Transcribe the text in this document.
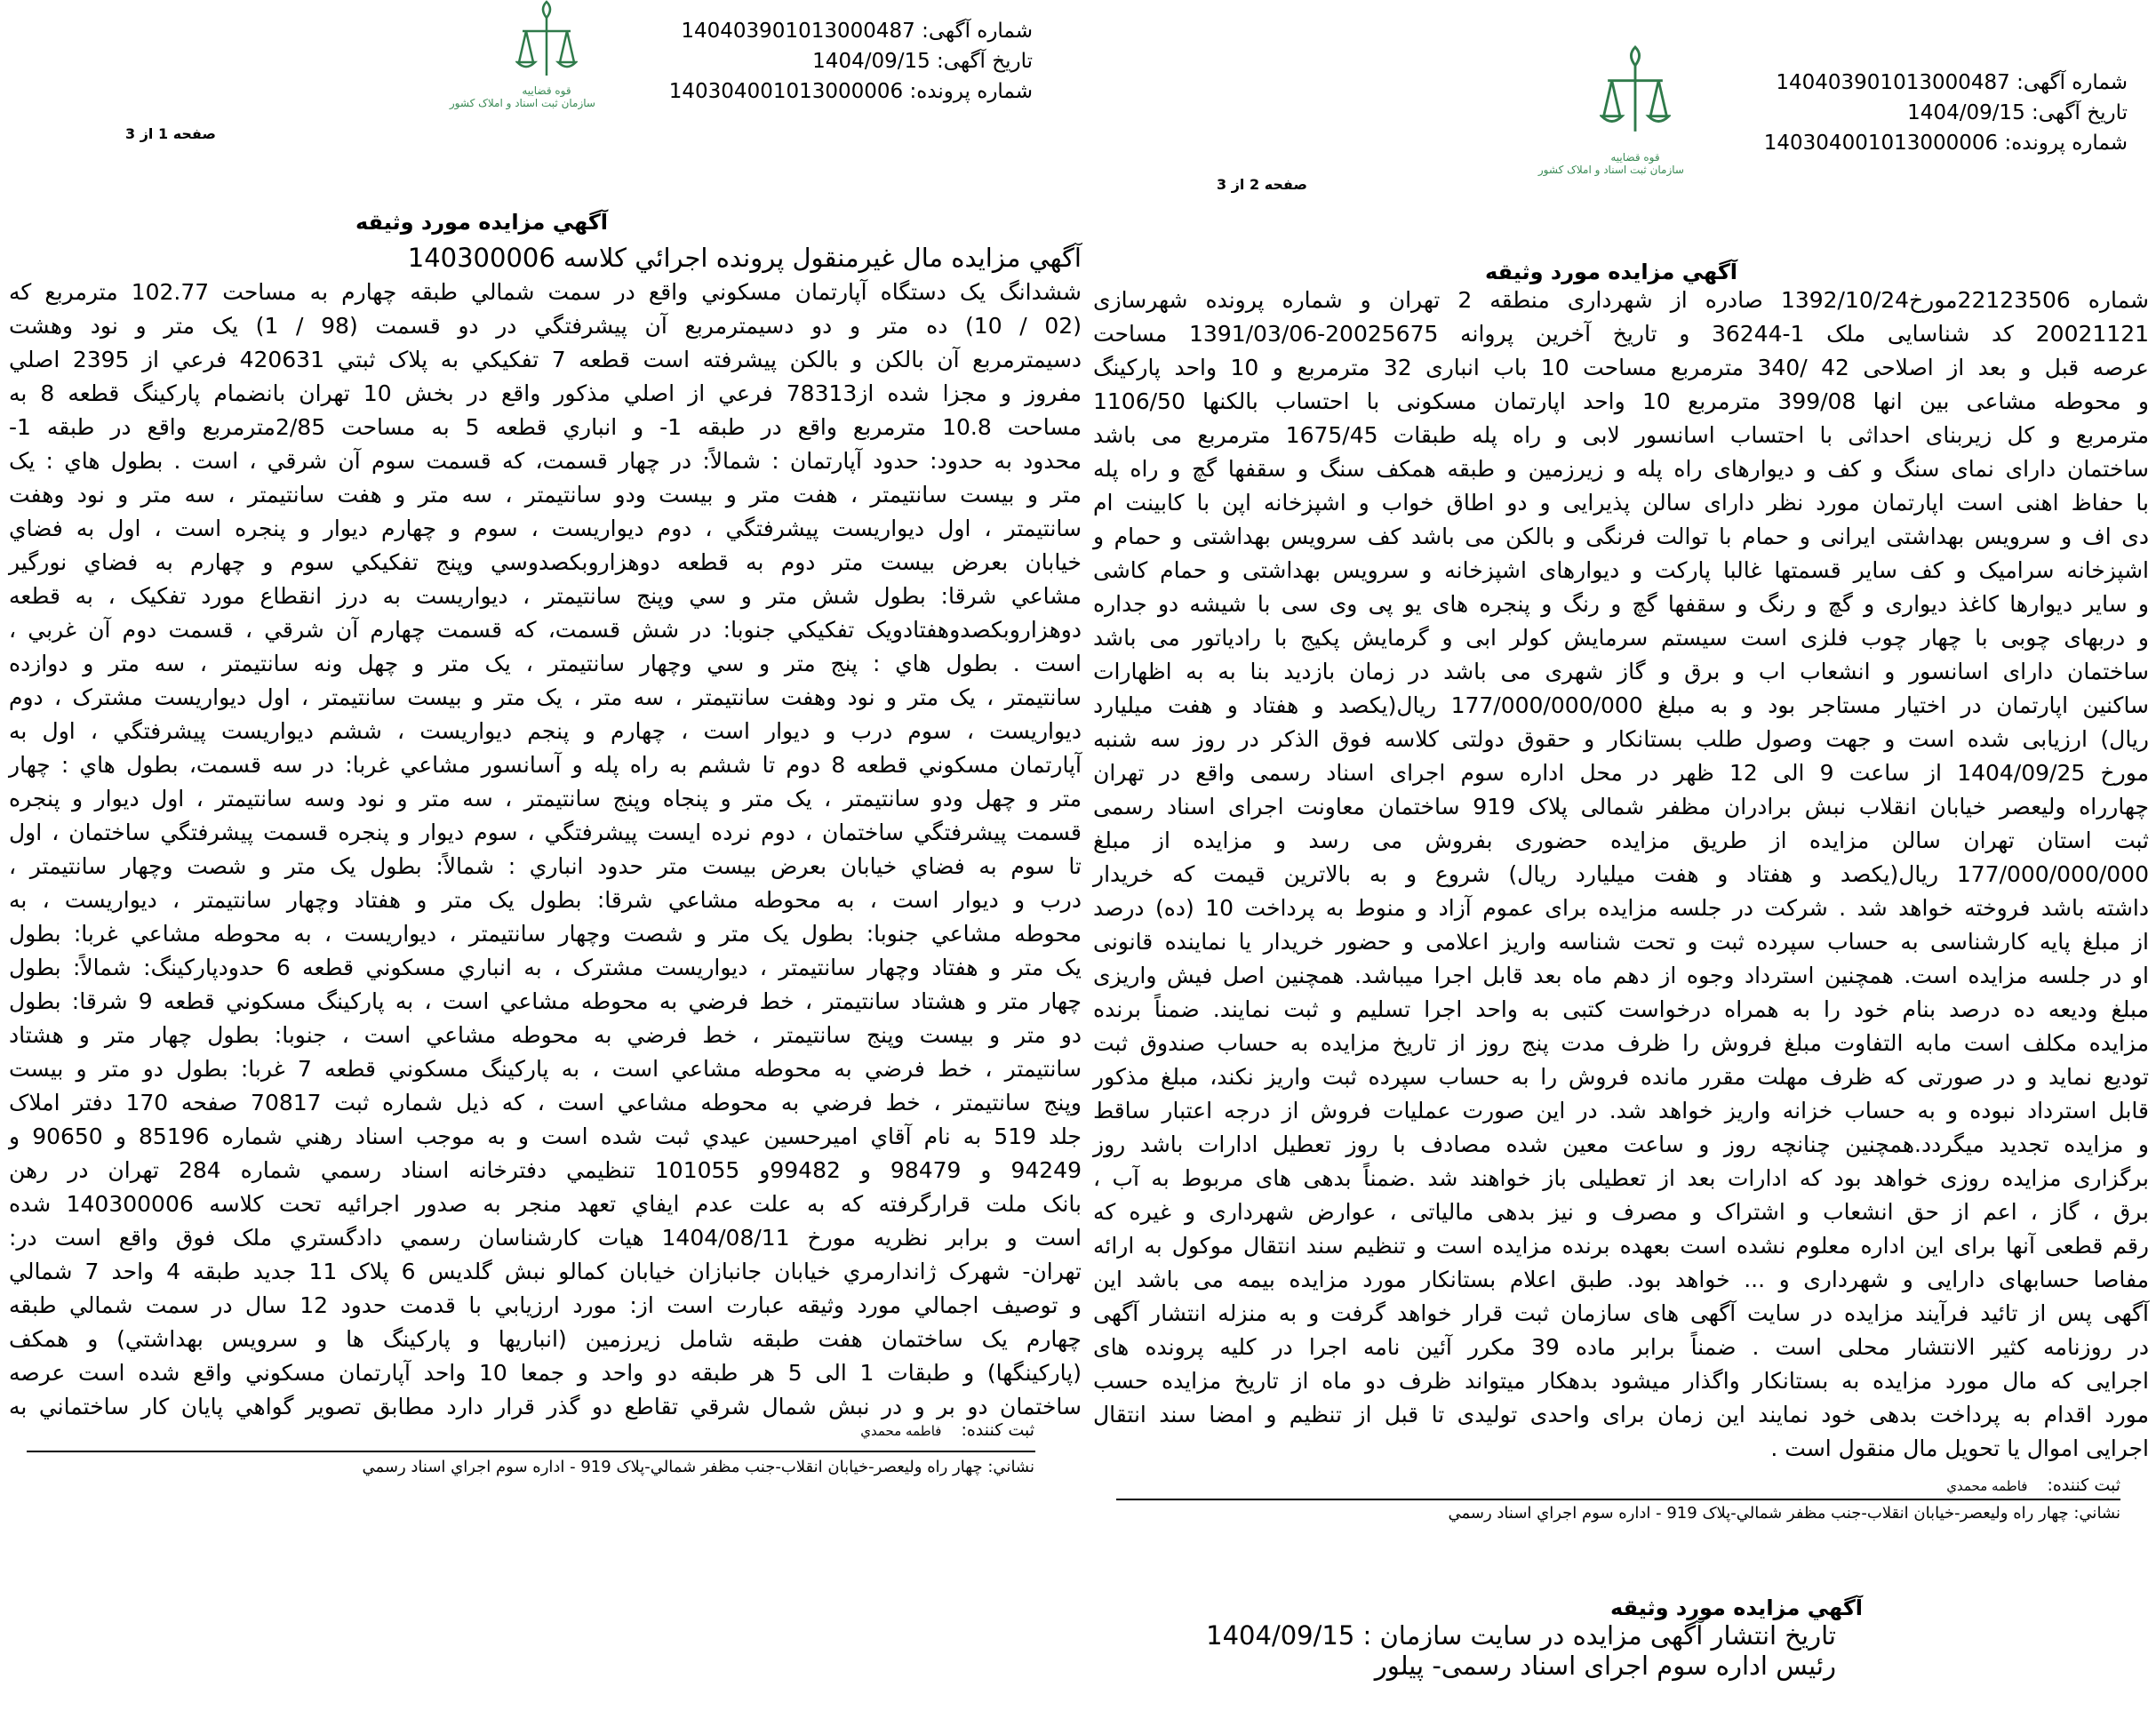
قوه قضاییه
سازمان ثبت اسناد و املاک کشور
شماره آگهی: 14040390101300048​7
تاریخ آگهی: 1404/09/15
شماره پرونده: 140304001013000006
صفحه 1 از 3
آگهي مزايده مورد وثيقه
آگهي مزايده مال غيرمنقول پرونده اجرائي كلاسه 140300006
ششدانگ يک دستگاه آپارتمان مسكوني واقع در سمت شمالي طبقه چهارم به مساحت 102.77 مترمربع كه
(02 / 10) ده متر و دو دسيمترمربع آن پيشرفتگي در دو قسمت (98 / 1) يک متر و نود وهشت
دسيمترمربع آن بالكن و بالكن پيشرفته است قطعه 7 تفكيكي به پلاک ثبتي 420631 فرعي از 2395 اصلي
مفروز و مجزا شده از78313 فرعي از اصلي مذكور واقع در بخش 10 تهران بانضمام پاركينگ قطعه 8 به
مساحت 10.8 مترمربع واقع در طبقه 1- و انباري قطعه 5 به مساحت 2/85مترمربع واقع در طبقه 1-
محدود به حدود: حدود آپارتمان : شمالاً: در چهار قسمت، كه قسمت سوم آن شرقي ، است . بطول هاي : يک
متر و بيست سانتيمتر ، هفت متر و بيست ودو سانتيمتر ، سه متر و هفت سانتيمتر ، سه متر و نود وهفت
سانتيمتر ، اول ديواريست پيشرفتگي ، دوم ديواريست ، سوم و چهارم ديوار و پنجره است ، اول به فضاي
خيابان بعرض بيست متر دوم به قطعه دوهزاروبكصدوسي وپنج تفكيكي سوم و چهارم به فضاي نورگير
مشاعي شرقا: بطول شش متر و سي وپنج سانتيمتر ، ديواريست به درز انقطاع مورد تفكيک ، به قطعه
دوهزاروبكصدوهفتادويک تفكيكي جنوبا: در شش قسمت، كه قسمت چهارم آن شرقي ، قسمت دوم آن غربي ،
است . بطول هاي : پنج متر و سي وچهار سانتيمتر ، يک متر و چهل ونه سانتيمتر ، سه متر و دوازده
سانتيمتر ، يک متر و نود وهفت سانتيمتر ، سه متر ، يک متر و بيست سانتيمتر ، اول ديواريست مشترک ، دوم
ديواريست ، سوم درب و ديوار است ، چهارم و پنجم ديواريست ، ششم ديواريست پيشرفتگي ، اول به
آپارتمان مسكوني قطعه 8 دوم تا ششم به راه پله و آسانسور مشاعي غربا: در سه قسمت، بطول هاي : چهار
متر و چهل ودو سانتيمتر ، يک متر و پنجاه وپنج سانتيمتر ، سه متر و نود وسه سانتيمتر ، اول ديوار و پنجره
قسمت پيشرفتگي ساختمان ، دوم نرده ايست پيشرفتگي ، سوم ديوار و پنجره قسمت پيشرفتگي ساختمان ، اول
تا سوم به فضاي خيابان بعرض بيست متر حدود انباري : شمالاً: بطول يک متر و شصت وچهار سانتيمتر ،
درب و ديوار است ، به محوطه مشاعي شرقا: بطول يک متر و هفتاد وچهار سانتيمتر ، ديواريست ، به
محوطه مشاعي جنوبا: بطول يک متر و شصت وچهار سانتيمتر ، ديواريست ، به محوطه مشاعي غربا: بطول
يک متر و هفتاد وچهار سانتيمتر ، ديواريست مشترک ، به انباري مسكوني قطعه 6 حدودپاركينگ: شمالاً: بطول
چهار متر و هشتاد سانتيمتر ، خط فرضي به محوطه مشاعي است ، به پاركينگ مسكوني قطعه 9 شرقا: بطول
دو متر و بيست وپنج سانتيمتر ، خط فرضي به محوطه مشاعي است ، جنوبا: بطول چهار متر و هشتاد
سانتيمتر ، خط فرضي به محوطه مشاعي است ، به پاركينگ مسكوني قطعه 7 غربا: بطول دو متر و بيست
وپنج سانتيمتر ، خط فرضي به محوطه مشاعي است ، كه ذيل شماره ثبت 70817 صفحه 170 دفتر املاک
جلد 519 به نام آقاي اميرحسين عيدي ثبت شده است و به موجب اسناد رهني شماره 85196 و 90650 و
94249 و 98479 و 99482و 101055 تنظيمي دفترخانه اسناد رسمي شماره 284 تهران در رهن
بانک ملت قرارگرفته كه به علت عدم ايفاي تعهد منجر به صدور اجرائيه تحت كلاسه 140300006 شده
است و برابر نظريه مورخ 1404/08/11 هيات كارشناسان رسمي دادگستري ملک فوق واقع است در:
تهران- شهرک ژاندارمري خيابان جانبازان خيابان كمالو نبش گلديس 6 پلاک 11 جديد طبقه 4 واحد 7 شمالي
و توصيف اجمالي مورد وثيقه عبارت است از: مورد ارزيابي با قدمت حدود 12 سال در سمت شمالي طبقه
چهارم يک ساختمان هفت طبقه شامل زيرزمين (انباريها و پاركينگ ها و سرويس بهداشتي) و همكف
(پاركينگها) و طبقات 1 الی 5 هر طبقه دو واحد و جمعا 10 واحد آپارتمان مسكوني واقع شده است عرصه
ساختمان دو بر و در نبش شمال شرقي تقاطع دو گذر قرار دارد مطابق تصوير گواهي پايان كار ساختماني به
ثبت كننده:فاطمه محمدي
نشاني: چهار راه وليعصر-خيابان انقلاب-جنب مظفر شمالي-پلاک 919 - اداره سوم اجراي اسناد رسمي
قوه قضاییه
سازمان ثبت اسناد و املاک کشور
شماره آگهی: 140403901013000487
تاریخ آگهی: 1404/09/15
شماره پرونده: 140304001013000006
صفحه 2 از 3
آگهي مزايده مورد وثيقه
شماره 22123506مورخ1392/10/24 صادره از شهرداری منطقه 2 تهران و شماره پرونده شهرسازی
20021121 کد شناسایی ملک 1-36244 و تاریخ آخرین پروانه 20025675-1391/03/06 مساحت
عرصه قبل و بعد از اصلاحی 42 /340 مترمربع مساحت 10 باب انباری 32 مترمربع و 10 واحد پارکینگ
و محوطه مشاعی بین انها 399/08 مترمربع 10 واحد اپارتمان مسکونی با احتساب بالکنها 1106/50
مترمربع و کل زیربنای احداثی با احتساب اسانسور لابی و راه پله طبقات 1675/45 مترمربع می باشد
ساختمان دارای نمای سنگ و کف و دیوارهای راه پله و زیرزمین و طبقه همکف سنگ و سقفها گچ و راه پله
با حفاظ اهنی است اپارتمان مورد نظر دارای سالن پذیرایی و دو اطاق خواب و اشپزخانه اپن با کابینت ام
دی اف و سرویس بهداشتی ایرانی و حمام با توالت فرنگی و بالکن می باشد کف سرویس بهداشتی و حمام و
اشپزخانه سرامیک و کف سایر قسمتها غالبا پارکت و دیوارهای اشپزخانه و سرویس بهداشتی و حمام کاشی
و سایر دیوارها کاغذ دیواری و گچ و رنگ و سقفها گچ و رنگ و پنجره های یو پی وی سی با شیشه دو جداره
و دربهای چوبی با چهار چوب فلزی است سیستم سرمایش کولر ابی و گرمایش پکیج با رادیاتور می باشد
ساختمان دارای اسانسور و انشعاب اب و برق و گاز شهری می باشد در زمان بازدید بنا به به اظهارات
ساکنین اپارتمان در اختیار مستاجر بود و به مبلغ 177/000/000/000 ریال(یکصد و هفتاد و هفت میلیارد
ریال) ارزیابی شده است و جهت وصول طلب بستانکار و حقوق دولتی کلاسه فوق الذکر در روز سه شنبه
مورخ 1404/09/25 از ساعت 9 الی 12 ظهر در محل اداره سوم اجرای اسناد رسمی واقع در تهران
چهارراه ولیعصر خیابان انقلاب نبش برادران مظفر شمالی پلاک 919 ساختمان معاونت اجرای اسناد رسمی
ثبت استان تهران سالن مزایده از طریق مزایده حضوری بفروش می رسد و مزایده از مبلغ
177/000/000/000 ریال(یکصد و هفتاد و هفت میلیارد ریال) شروع و به بالاترین قیمت که خریدار
داشته باشد فروخته خواهد شد . شرکت در جلسه مزایده برای عموم آزاد و منوط به پرداخت 10 (ده) درصد
از مبلغ پایه کارشناسی به حساب سپرده ثبت و تحت شناسه واریز اعلامی و حضور خریدار یا نماینده قانونی
او در جلسه مزایده است. همچنین استرداد وجوه از دهم ماه بعد قابل اجرا میباشد. همچنین اصل فیش واریزی
مبلغ ودیعه ده درصد بنام خود را به همراه درخواست کتبی به واحد اجرا تسلیم و ثبت نمایند. ضمناً برنده
مزایده مکلف است مابه التفاوت مبلغ فروش را ظرف مدت پنج روز از تاریخ مزایده به حساب صندوق ثبت
تودیع نماید و در صورتی که ظرف مهلت مقرر مانده فروش را به حساب سپرده ثبت واریز نکند، مبلغ مذکور
قابل استرداد نبوده و به حساب خزانه واریز خواهد شد. در این صورت عملیات فروش از درجه اعتبار ساقط
و مزایده تجدید میگردد.همچنین چنانچه روز و ساعت معین شده مصادف با روز تعطیل ادارات باشد روز
برگزاری مزایده روزی خواهد بود که ادارات بعد از تعطیلی باز خواهند شد .ضمناً بدهی های مربوط به آب ،
برق ، گاز ، اعم از حق انشعاب و اشتراک و مصرف و نیز بدهی مالیاتی ، عوارض شهرداری و غیره که
رقم قطعی آنها برای این اداره معلوم نشده است بعهده برنده مزایده است و تنظیم سند انتقال موکول به ارائه
مفاصا حسابهای دارایی و شهرداری و ... خواهد بود. طبق اعلام بستانکار مورد مزایده بیمه می باشد این
آگهی پس از تائید فرآیند مزایده در سایت آگهی های سازمان ثبت قرار خواهد گرفت و به منزله انتشار آگهی
در روزنامه کثیر الانتشار محلی است . ضمناً برابر ماده 39 مکرر آئین نامه اجرا در کلیه پرونده های
اجرایی که مال مورد مزایده به بستانکار واگذار میشود بدهکار میتواند ظرف دو ماه از تاریخ مزایده حسب
مورد اقدام به پرداخت بدهی خود نمایند این زمان برای واحدی تولیدی تا قبل از تنظیم و امضا سند انتقال
اجرایی اموال یا تحویل مال منقول است .
ثبت کننده:فاطمه محمدي
نشاني: چهار راه وليعصر-خيابان انقلاب-جنب مظفر شمالي-پلاک 919 - اداره سوم اجراي اسناد رسمي
آگهي مزايده مورد وثيقه
تاريخ انتشار آگهی مزایده در سایت سازمان : 1404/09/15
رئیس اداره سوم اجرای اسناد رسمی- پیلور
